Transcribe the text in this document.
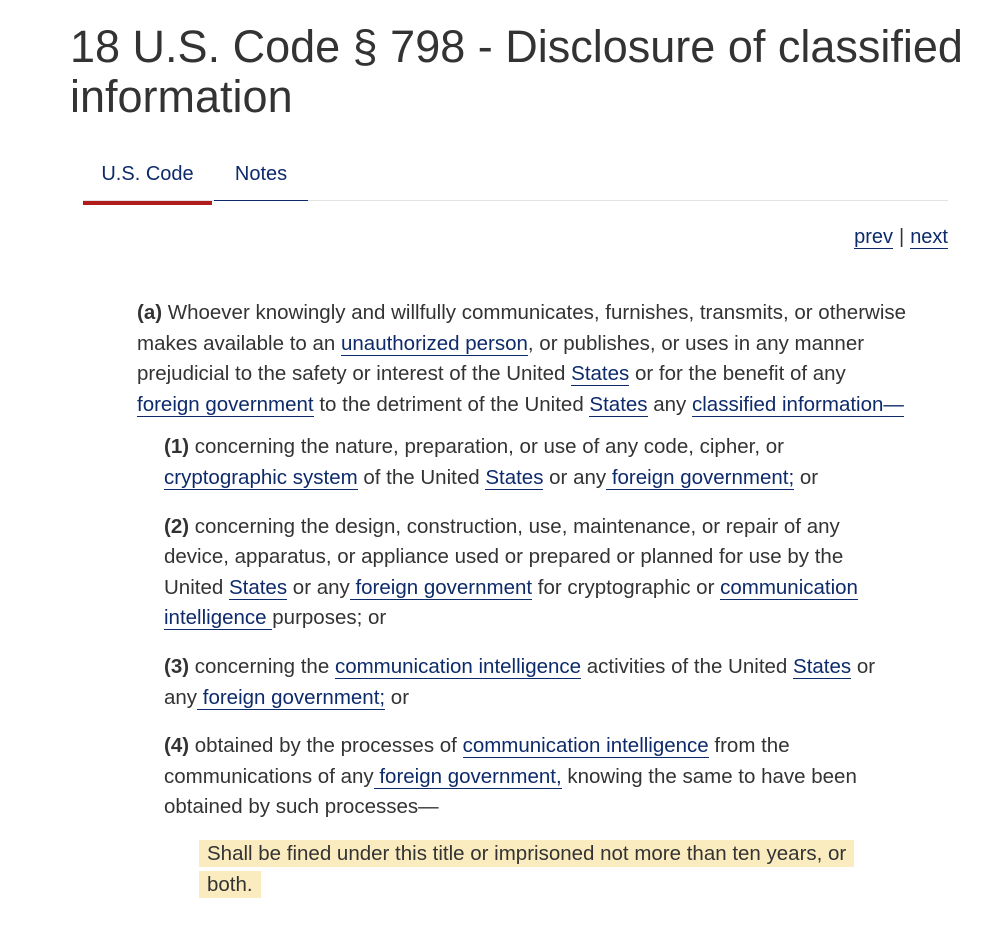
18 U.S. Code § 798 - Disclosure of classified information
U.S. Code	Notes
prev | next

(a) Whoever knowingly and willfully communicates, furnishes, transmits, or otherwise makes available to an unauthorized person, or publishes, or uses in any manner prejudicial to the safety or interest of the United States or for the benefit of any foreign government to the detriment of the United States any classified information—

(1) concerning the nature, preparation, or use of any code, cipher, or cryptographic system of the United States or any foreign government; or

(2) concerning the design, construction, use, maintenance, or repair of any device, apparatus, or appliance used or prepared or planned for use by the United States or any foreign government for cryptographic or communication intelligence purposes; or

(3) concerning the communication intelligence activities of the United States or any foreign government; or

(4) obtained by the processes of communication intelligence from the communications of any foreign government, knowing the same to have been obtained by such processes—

Shall be fined under this title or imprisoned not more than ten years, or both.
